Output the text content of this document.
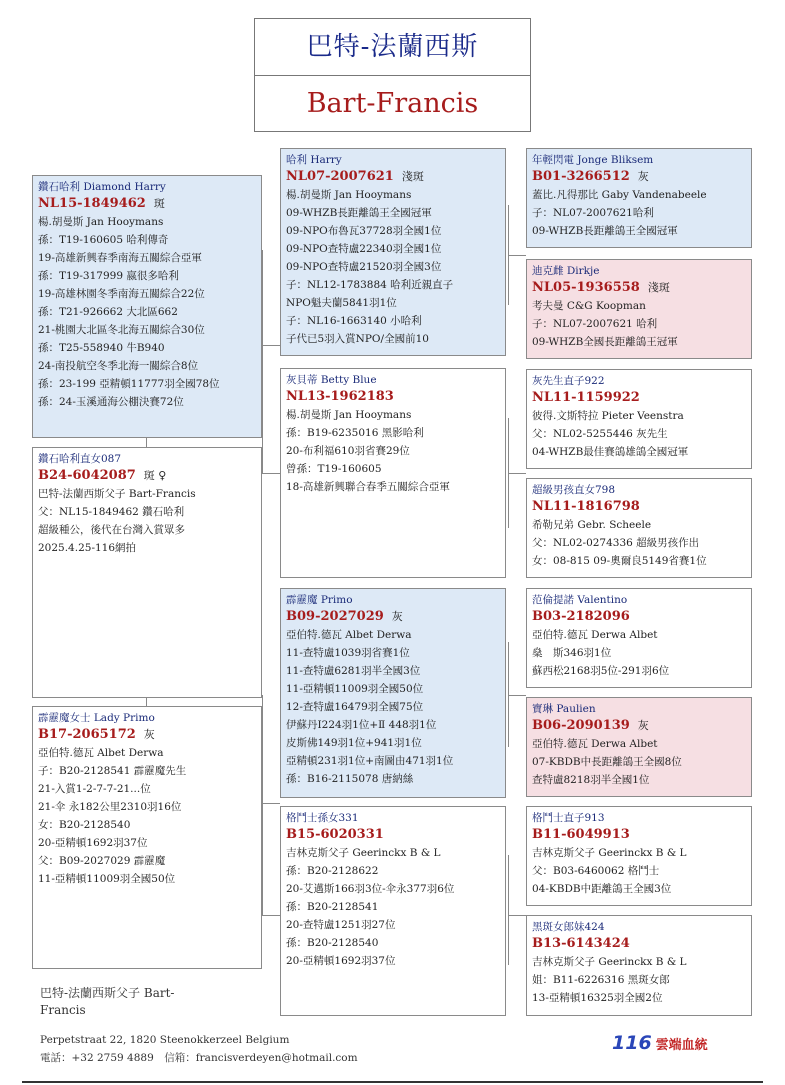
巴特-法蘭西斯
Bart-Francis
鑽石哈利 Diamond Harry
NL15-1849462 斑
楊.胡曼斯 Jan Hooymans
孫：T19-160605 哈利傳奇
19-高雄新興春季南海五關綜合亞軍
孫：T19-317999 嬴很多哈利
19-高雄林園冬季南海五關綜合22位
孫：T21-926662 大北區662
21-桃園大北區冬北海五關綜合30位
孫：T25-558940 牛B940
24-南投航空冬季北海一關綜合8位
孫：23-199 亞精頓11777羽全國78位
孫：24-玉溪通海公棚決賽72位
鑽石哈利直女087
B24-6042087 斑 ♀
巴特-法蘭西斯父子 Bart-Francis
父：NL15-1849462 鑽石哈利
超級種公，後代在台灣入賞眾多
2025.4.25-116網拍
霹靂魔女士 Lady Primo
B17-2065172 灰
亞伯特.德瓦 Albet Derwa
子：B20-2128541 霹靂魔先生
21-入賞1-2-7-7-21...位
21-伞 永182公里2310羽16位
女：B20-2128540
20-亞精頓1692羽37位
父：B09-2027029 霹靂魔
11-亞精頓11009羽全國50位
哈利 Harry
NL07-2007621 淺斑
楊.胡曼斯 Jan Hooymans
09-WHZB長距離鴿王全國冠軍
09-NPO布魯瓦37728羽全國1位
09-NPO查特盧22340羽全國1位
09-NPO查特盧21520羽全國3位
子：NL12-1783884 哈利近親直子
NPO魁夫蘭5841羽1位
子：NL16-1663140 小哈利
子代已5羽入賞NPO/全國前10
灰貝蒂 Betty Blue
NL13-1962183
楊.胡曼斯 Jan Hooymans
孫：B19-6235016 黑影哈利
20-布利福610羽省賽29位
曾孫：T19-160605
18-高雄新興聯合春季五關綜合亞軍
霹靂魔 Primo
B09-2027029 灰
亞伯特.德瓦 Albet Derwa
11-查特盧1039羽省賽1位
11-查特盧6281羽半全國3位
11-亞精頓11009羽全國50位
12-查特盧16479羽全國75位
伊蘇丹Ⅰ224羽1位+Ⅱ 448羽1位
皮斯佛149羽1位+941羽1位
亞精頓231羽1位+南圖由471羽1位
孫：B16-2115078 唐納絲
格鬥士孫女331
B15-6020331
吉林克斯父子 Geerinckx B & L
孫：B20-2128622
20-艾邁斯166羽3位-伞永377羽6位
孫：B20-2128541
20-查特盧1251羽27位
孫：B20-2128540
20-亞精頓1692羽37位
年輕閃電 Jonge Bliksem
B01-3266512 灰
蓋比.凡得那比 Gaby Vandenabeele
子：NL07-2007621哈利
09-WHZB長距離鴿王全國冠軍
迪克雌 Dirkje
NL05-1936558 淺斑
考夫曼 C&G Koopman
子：NL07-2007621 哈利
09-WHZB全國長距離鴿王冠軍
灰先生直子922
NL11-1159922
彼得.文斯特拉 Pieter Veenstra
父：NL02-5255446 灰先生
04-WHZB最佳賽鴿雄鴿全國冠軍
超級男孩直女798
NL11-1816798
希勒兄弟 Gebr. Scheele
父：NL02-0274336 超級男孩作出
女：08-815 09-奧爾良5149省賽1位
范倫提諾 Valentino
B03-2182096
亞伯特.德瓦 Derwa Albet
燊　斯346羽1位
蘇西松2168羽5位-291羽6位
寶琳 Paulien
B06-2090139 灰
亞伯特.德瓦 Derwa Albet
07-KBDB中長距離鴿王全國8位
查特盧8218羽半全國1位
格鬥士直子913
B11-6049913
吉林克斯父子 Geerinckx B & L
父：B03-6460062 格鬥士
04-KBDB中距離鴿王全國3位
黑斑女郎妹424
B13-6143424
吉林克斯父子 Geerinckx B & L
姐：B11-6226316 黑斑女郎
13-亞精頓16325羽全國2位
巴特-法蘭西斯父子 Bart-
Francis
Perpetstraat 22, 1820 Steenokkerzeel Belgium
電話：+32 2759 4889　信箱：francisverdeyen@hotmail.com
116 雲端血統
